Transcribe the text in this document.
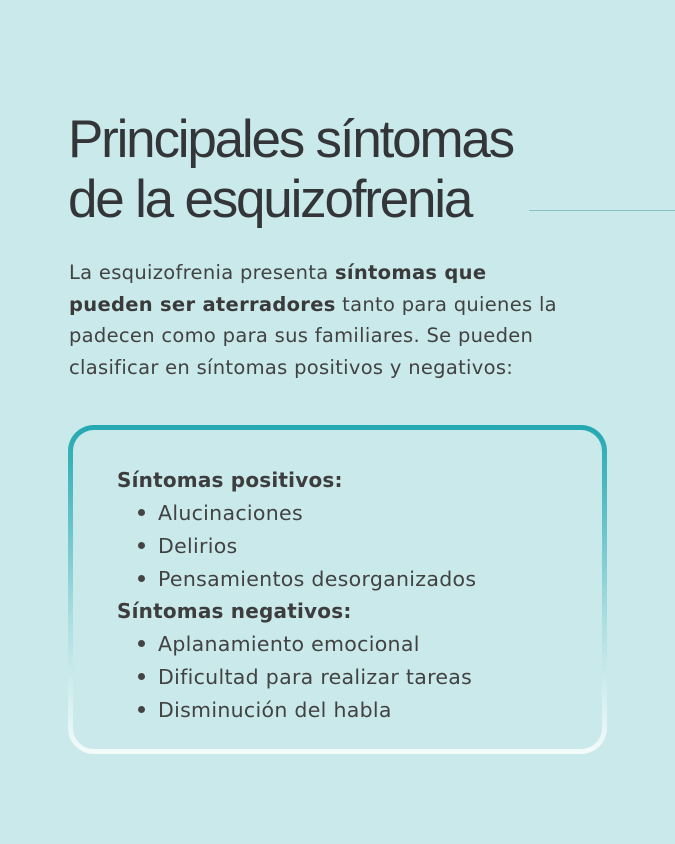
Principales síntomas
de la esquizofrenia

La esquizofrenia presenta síntomas que
pueden ser aterradores tanto para quienes la
padecen como para sus familiares. Se pueden
clasificar en síntomas positivos y negativos:

Síntomas positivos:
Alucinaciones
Delirios
Pensamientos desorganizados
Síntomas negativos:
Aplanamiento emocional
Dificultad para realizar tareas
Disminución del habla
